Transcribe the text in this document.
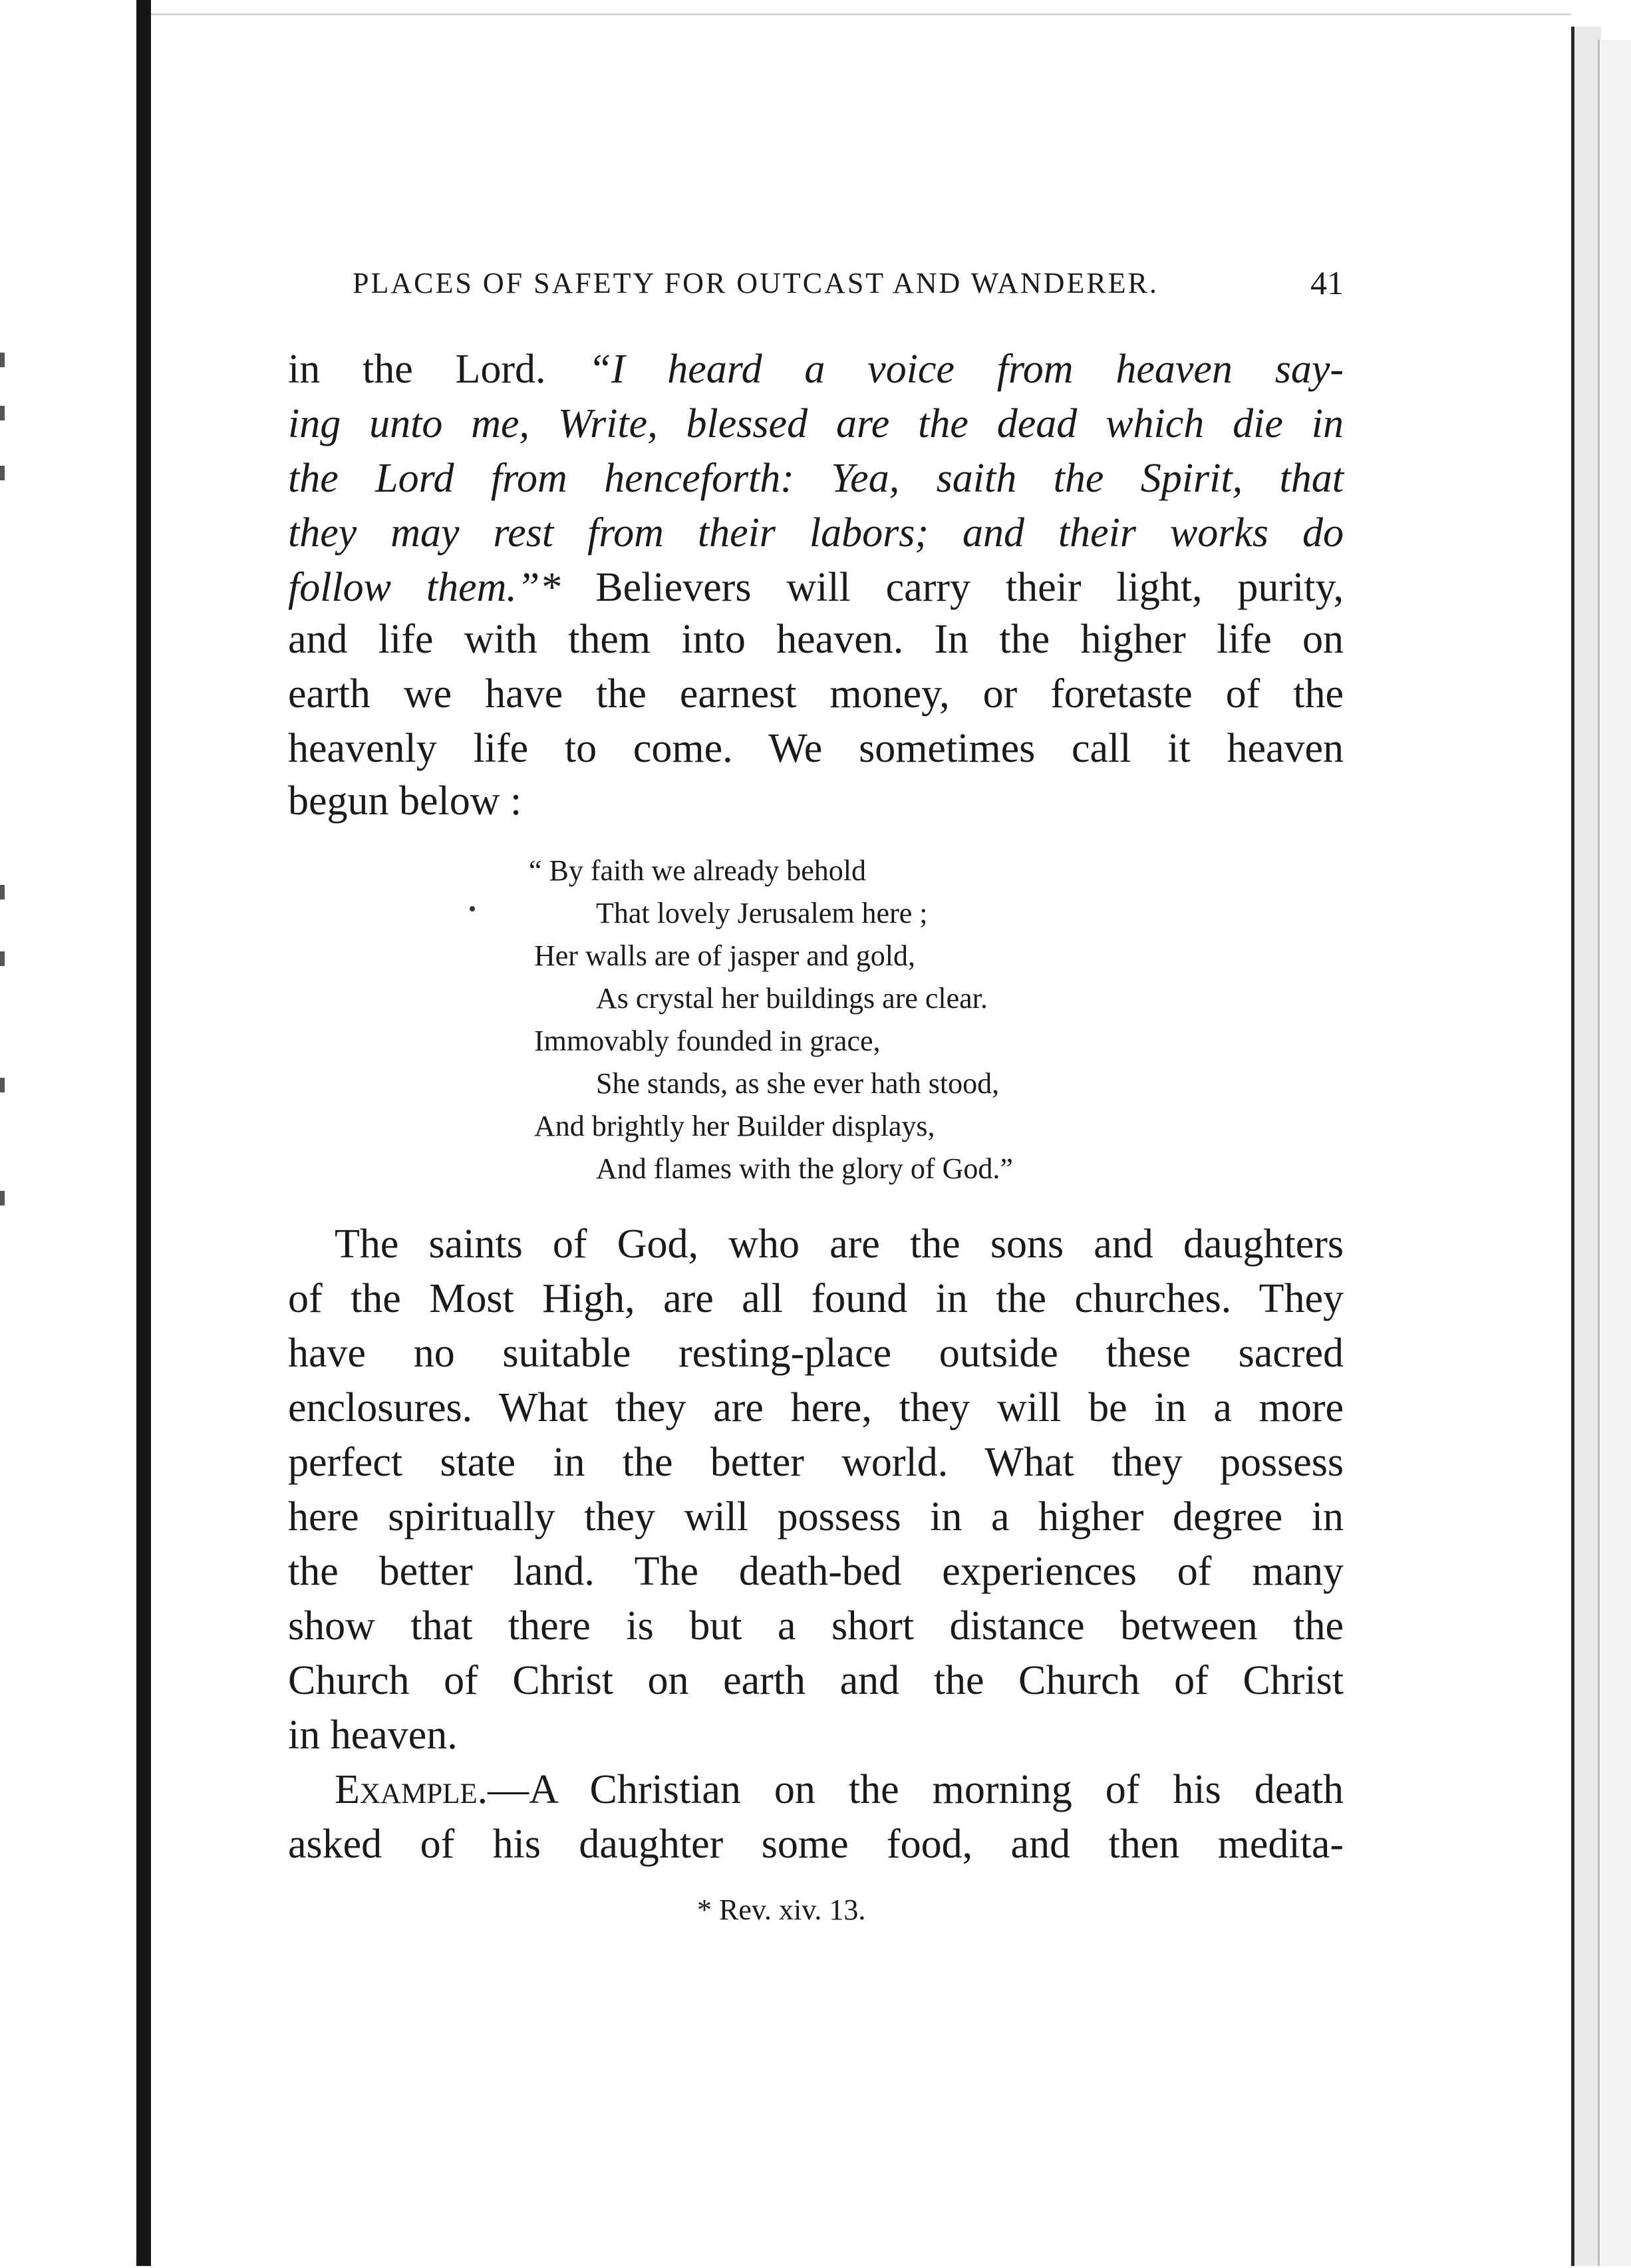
PLACES OF SAFETY FOR OUTCAST AND WANDERER.	41
in the Lord. “I heard a voice from heaven say-
ing unto me, Write, blessed are the dead which die in
the Lord from henceforth: Yea, saith the Spirit, that
they may rest from their labors; and their works do
follow them.”* Believers will carry their light, purity,
and life with them into heaven. In the higher life on
earth we have the earnest money, or foretaste of the
heavenly life to come. We sometimes call it heaven
begun below :
“ By faith we already behold
That lovely Jerusalem here ;
Her walls are of jasper and gold,
As crystal her buildings are clear.
Immovably founded in grace,
She stands, as she ever hath stood,
And brightly her Builder displays,
And flames with the glory of God.”
The saints of God, who are the sons and daughters
of the Most High, are all found in the churches. They
have no suitable resting-place outside these sacred
enclosures. What they are here, they will be in a more
perfect state in the better world. What they possess
here spiritually they will possess in a higher degree in
the better land. The death-bed experiences of many
show that there is but a short distance between the
Church of Christ on earth and the Church of Christ
in heaven.
Example.—A Christian on the morning of his death
asked of his daughter some food, and then medita-
* Rev. xiv. 13.
